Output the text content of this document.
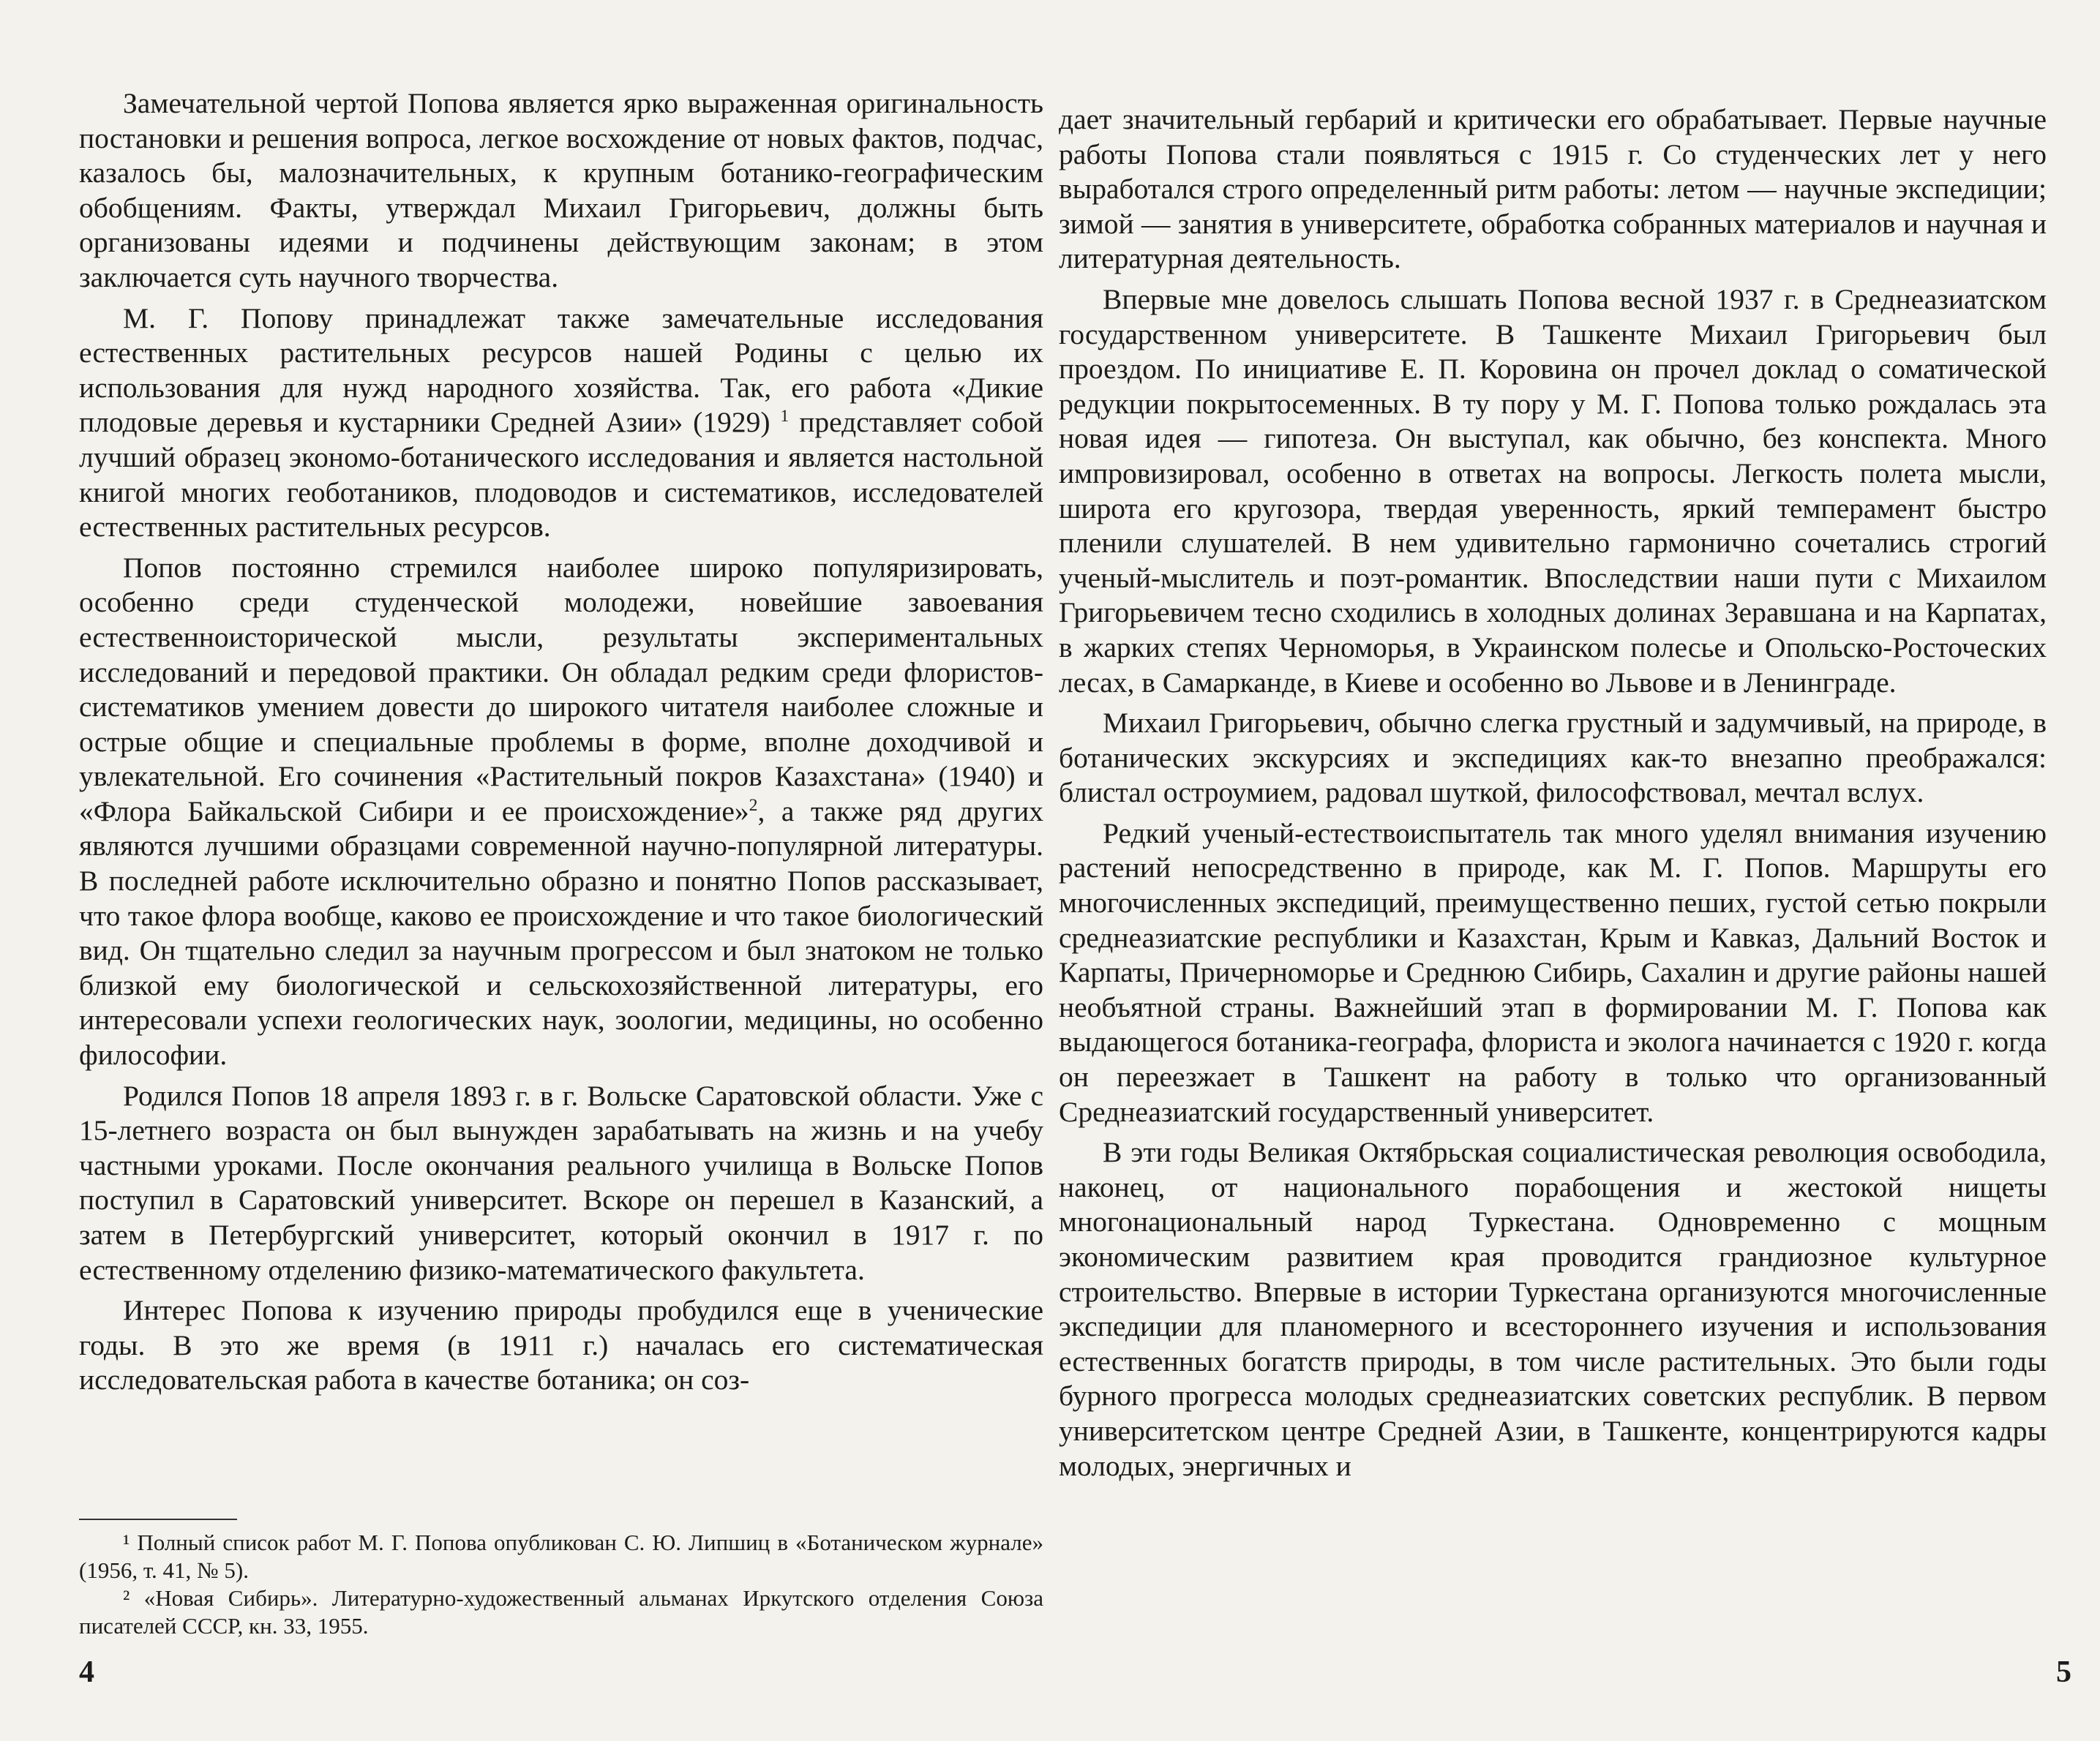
Замечательной чертой Попова является ярко выраженная оригинальность постановки и решения вопроса, легкое восхождение от новых фактов, подчас, казалось бы, малозначительных, к крупным ботанико-географическим обобщениям. Факты, утверждал Михаил Григорьевич, должны быть организованы идеями и подчинены действующим законам; в этом заключается суть научного творчества.

М. Г. Попову принадлежат также замечательные исследования естественных растительных ресурсов нашей Родины с целью их использования для нужд народного хозяйства. Так, его работа «Дикие плодовые деревья и кустарники Средней Азии» (1929) $^1$ представляет собой лучший образец экономо-ботанического исследования и является настольной книгой многих геоботаников, плодоводов и систематиков, исследователей естественных растительных ресурсов.

Попов постоянно стремился наиболее широко популяризировать, особенно среди студенческой молодежи, новейшие завоевания естественноисторической мысли, результаты экспериментальных исследований и передовой практики. Он обладал редким среди флористов-систематиков умением довести до широкого читателя наиболее сложные и острые общие и специальные проблемы в форме, вполне доходчивой и увлекательной. Его сочинения «Растительный покров Казахстана» (1940) и «Флора Байкальской Сибири и ее происхождение»$^2$, а также ряд других являются лучшими образцами современной научно-популярной литературы. В последней работе исключительно образно и понятно Попов рассказывает, что такое флора вообще, каково ее происхождение и что такое биологический вид. Он тщательно следил за научным прогрессом и был знатоком не только близкой ему биологической и сельскохозяйственной литературы, его интересовали успехи геологических наук, зоологии, медицины, но особенно философии.

Родился Попов 18 апреля 1893 г. в г. Вольске Саратовской области. Уже с 15-летнего возраста он был вынужден зарабатывать на жизнь и на учебу частными уроками. После окончания реального училища в Вольске Попов поступил в Саратовский университет. Вскоре он перешел в Казанский, а затем в Петербургский университет, который окончил в 1917 г. по естественному отделению физико-математического факультета.

Интерес Попова к изучению природы пробудился еще в ученические годы. В это же время (в 1911 г.) началась его систематическая исследовательская работа в качестве ботаника; он соз-

¹ Полный список работ М. Г. Попова опубликован С. Ю. Липшиц в «Ботаническом журнале» (1956, т. 41, № 5).

² «Новая Сибирь». Литературно-художественный альманах Иркутского отделения Союза писателей СССР, кн. 33, 1955.

4

дает значительный гербарий и критически его обрабатывает. Первые научные работы Попова стали появляться с 1915 г. Со студенческих лет у него выработался строго определенный ритм работы: летом — научные экспедиции; зимой — занятия в университете, обработка собранных материалов и научная и литературная деятельность.

Впервые мне довелось слышать Попова весной 1937 г. в Среднеазиатском государственном университете. В Ташкенте Михаил Григорьевич был проездом. По инициативе Е. П. Коровина он прочел доклад о соматической редукции покрытосеменных. В ту пору у М. Г. Попова только рождалась эта новая идея — гипотеза. Он выступал, как обычно, без конспекта. Много импровизировал, особенно в ответах на вопросы. Легкость полета мысли, широта его кругозора, твердая уверенность, яркий темперамент быстро пленили слушателей. В нем удивительно гармонично сочетались строгий ученый-мыслитель и поэт-романтик. Впоследствии наши пути с Михаилом Григорьевичем тесно сходились в холодных долинах Зеравшана и на Карпатах, в жарких степях Черноморья, в Украинском полесье и Опольско-Росточеских лесах, в Самарканде, в Киеве и особенно во Львове и в Ленинграде.

Михаил Григорьевич, обычно слегка грустный и задумчивый, на природе, в ботанических экскурсиях и экспедициях как-то внезапно преображался: блистал остроумием, радовал шуткой, философствовал, мечтал вслух.

Редкий ученый-естествоиспытатель так много уделял внимания изучению растений непосредственно в природе, как М. Г. Попов. Маршруты его многочисленных экспедиций, преимущественно пеших, густой сетью покрыли среднеазиатские республики и Казахстан, Крым и Кавказ, Дальний Восток и Карпаты, Причерноморье и Среднюю Сибирь, Сахалин и другие районы нашей необъятной страны. Важнейший этап в формировании М. Г. Попова как выдающегося ботаника-географа, флориста и эколога начинается с 1920 г. когда он переезжает в Ташкент на работу в только что организованный Среднеазиатский государственный университет.

В эти годы Великая Октябрьская социалистическая революция освободила, наконец, от национального порабощения и жестокой нищеты многонациональный народ Туркестана. Одновременно с мощным экономическим развитием края проводится грандиозное культурное строительство. Впервые в истории Туркестана организуются многочисленные экспедиции для планомерного и всестороннего изучения и использования естественных богатств природы, в том числе растительных. Это были годы бурного прогресса молодых среднеазиатских советских республик. В первом университетском центре Средней Азии, в Ташкенте, концентрируются кадры молодых, энергичных и

5
